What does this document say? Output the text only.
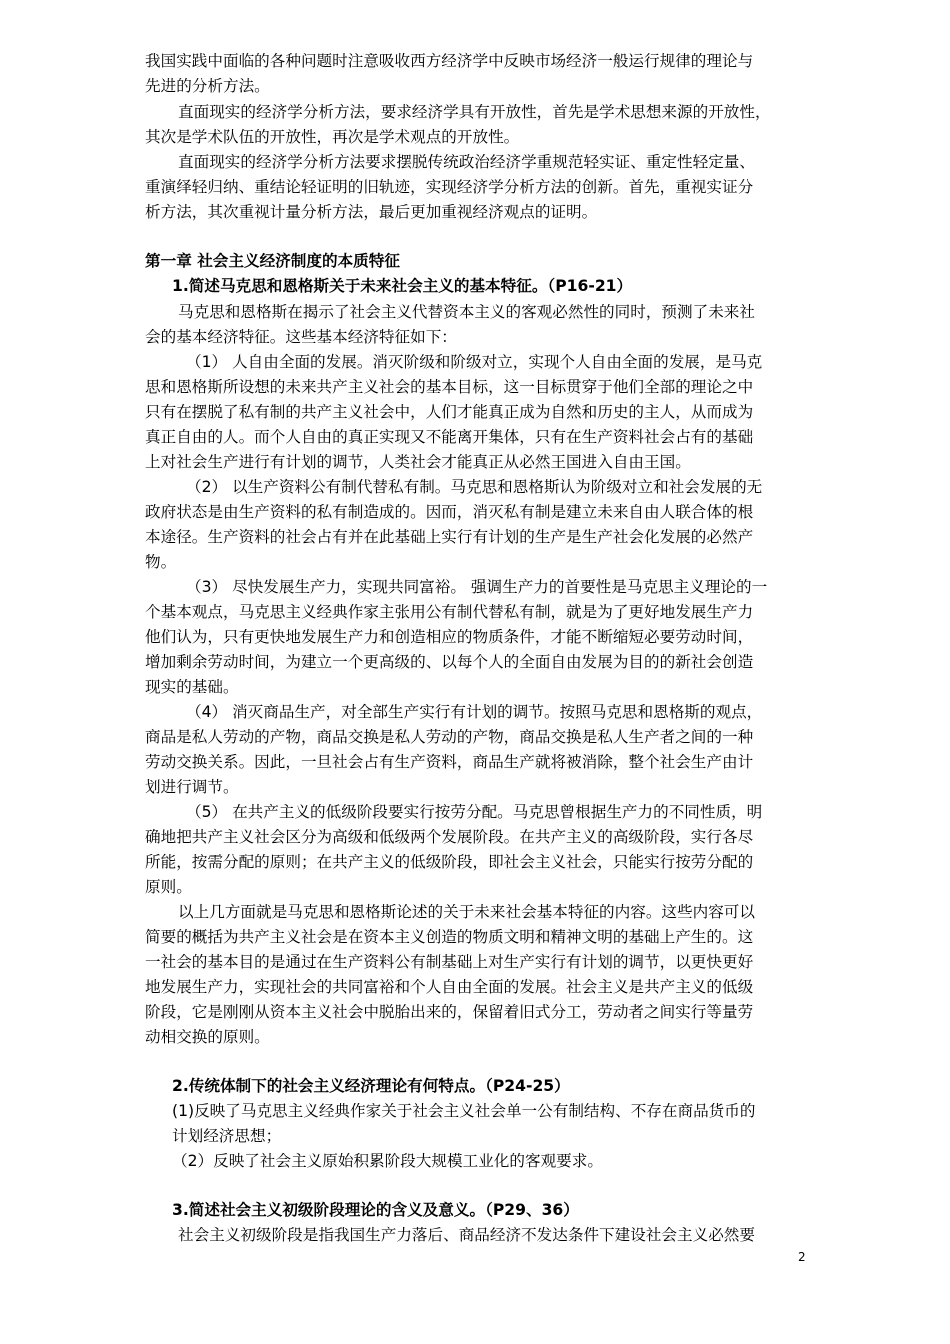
我国实践中面临的各种问题时注意吸收西方经济学中反映市场经济一般运行规律的理论与
先进的分析方法。
直面现实的经济学分析方法，要求经济学具有开放性，首先是学术思想来源的开放性，
其次是学术队伍的开放性，再次是学术观点的开放性。
直面现实的经济学分析方法要求摆脱传统政治经济学重规范轻实证、重定性轻定量、
重演绎轻归纳、重结论轻证明的旧轨迹，实现经济学分析方法的创新。首先，重视实证分
析方法，其次重视计量分析方法，最后更加重视经济观点的证明。
第一章 社会主义经济制度的本质特征
1.简述马克思和恩格斯关于未来社会主义的基本特征。（P16-21）
马克思和恩格斯在揭示了社会主义代替资本主义的客观必然性的同时，预测了未来社
会的基本经济特征。这些基本经济特征如下：
（1） 人自由全面的发展。消灭阶级和阶级对立，实现个人自由全面的发展，是马克
思和恩格斯所设想的未来共产主义社会的基本目标，这一目标贯穿于他们全部的理论之中
只有在摆脱了私有制的共产主义社会中，人们才能真正成为自然和历史的主人，从而成为
真正自由的人。而个人自由的真正实现又不能离开集体，只有在生产资料社会占有的基础
上对社会生产进行有计划的调节，人类社会才能真正从必然王国进入自由王国。
（2） 以生产资料公有制代替私有制。马克思和恩格斯认为阶级对立和社会发展的无
政府状态是由生产资料的私有制造成的。因而，消灭私有制是建立未来自由人联合体的根
本途径。生产资料的社会占有并在此基础上实行有计划的生产是生产社会化发展的必然产
物。
（3） 尽快发展生产力，实现共同富裕。 强调生产力的首要性是马克思主义理论的一
个基本观点，马克思主义经典作家主张用公有制代替私有制，就是为了更好地发展生产力
他们认为，只有更快地发展生产力和创造相应的物质条件，才能不断缩短必要劳动时间，
增加剩余劳动时间，为建立一个更高级的、以每个人的全面自由发展为目的的新社会创造
现实的基础。
（4） 消灭商品生产，对全部生产实行有计划的调节。按照马克思和恩格斯的观点，
商品是私人劳动的产物，商品交换是私人劳动的产物，商品交换是私人生产者之间的一种
劳动交换关系。因此，一旦社会占有生产资料，商品生产就将被消除，整个社会生产由计
划进行调节。
（5） 在共产主义的低级阶段要实行按劳分配。马克思曾根据生产力的不同性质，明
确地把共产主义社会区分为高级和低级两个发展阶段。在共产主义的高级阶段，实行各尽
所能，按需分配的原则；在共产主义的低级阶段，即社会主义社会，只能实行按劳分配的
原则。
以上几方面就是马克思和恩格斯论述的关于未来社会基本特征的内容。这些内容可以
简要的概括为共产主义社会是在资本主义创造的物质文明和精神文明的基础上产生的。这
一社会的基本目的是通过在生产资料公有制基础上对生产实行有计划的调节，以更快更好
地发展生产力，实现社会的共同富裕和个人自由全面的发展。社会主义是共产主义的低级
阶段，它是刚刚从资本主义社会中脱胎出来的，保留着旧式分工，劳动者之间实行等量劳
动相交换的原则。
2.传统体制下的社会主义经济理论有何特点。（P24-25）
(1)反映了马克思主义经典作家关于社会主义社会单一公有制结构、不存在商品货币的
计划经济思想；
（2）反映了社会主义原始积累阶段大规模工业化的客观要求。
3.简述社会主义初级阶段理论的含义及意义。（P29、36）
社会主义初级阶段是指我国生产力落后、商品经济不发达条件下建设社会主义必然要
2
